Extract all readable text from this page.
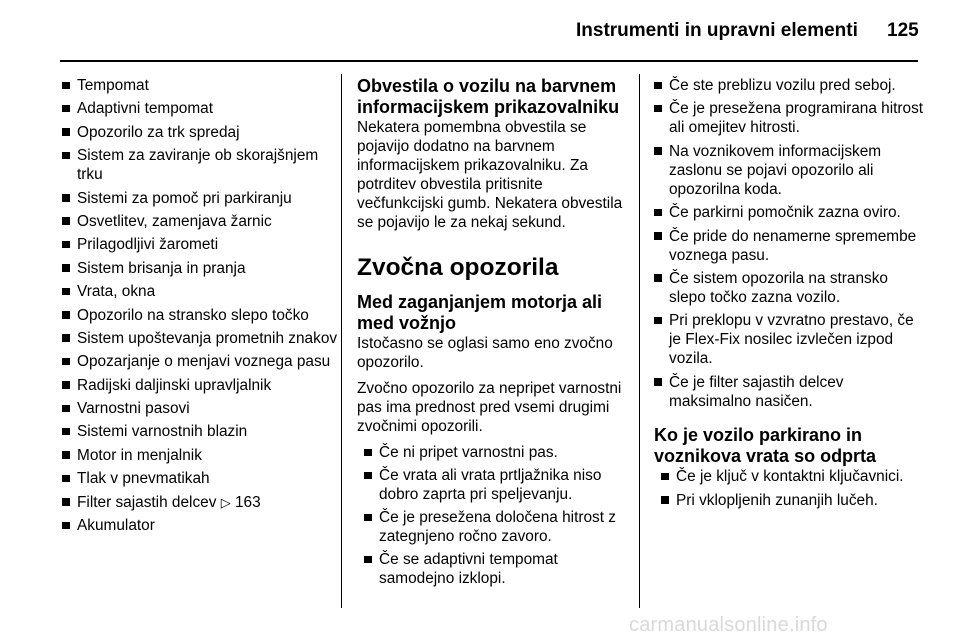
Instrumenti in upravni elementi 125
Tempomat
Adaptivni tempomat
Opozorilo za trk spredaj
Sistem za zaviranje ob skorajšnjem trku
Sistemi za pomoč pri parkiranju
Osvetlitev, zamenjava žarnic
Prilagodljivi žarometi
Sistem brisanja in pranja
Vrata, okna
Opozorilo na stransko slepo točko
Sistem upoštevanja prometnih znakov
Opozarjanje o menjavi voznega pasu
Radijski daljinski upravljalnik
Varnostni pasovi
Sistemi varnostnih blazin
Motor in menjalnik
Tlak v pnevmatikah
Filter sajastih delcev ▷ 163
Akumulator
Obvestila o vozilu na barvnem informacijskem prikazovalniku
Nekatera pomembna obvestila se pojavijo dodatno na barvnem informacijskem prikazovalniku. Za potrditev obvestila pritisnite večfunkcijski gumb. Nekatera obvestila se pojavijo le za nekaj sekund.
Zvočna opozorila
Med zaganjanjem motorja ali med vožnjo
Istočasno se oglasi samo eno zvočno opozorilo.
Zvočno opozorilo za nepripet varnostni pas ima prednost pred vsemi drugimi zvočnimi opozorili.
Če ni pripet varnostni pas.
Če vrata ali vrata prtljažnika niso dobro zaprta pri speljevanju.
Če je presežena določena hitrost z zategnjeno ročno zavoro.
Če se adaptivni tempomat samodejno izklopi.
Če ste preblizu vozilu pred seboj.
Če je presežena programirana hitrost ali omejitev hitrosti.
Na voznikovem informacijskem zaslonu se pojavi opozorilo ali opozorilna koda.
Če parkirni pomočnik zazna oviro.
Če pride do nenamerne spremembe voznega pasu.
Če sistem opozorila na stransko slepo točko zazna vozilo.
Pri preklopu v vzvratno prestavo, če je Flex-Fix nosilec izvlečen izpod vozila.
Če je filter sajastih delcev maksimalno nasičen.
Ko je vozilo parkirano in voznikova vrata so odprta
Če je ključ v kontaktni ključavnici.
Pri vklopljenih zunanjih lučeh.
carmanualsonline.info
